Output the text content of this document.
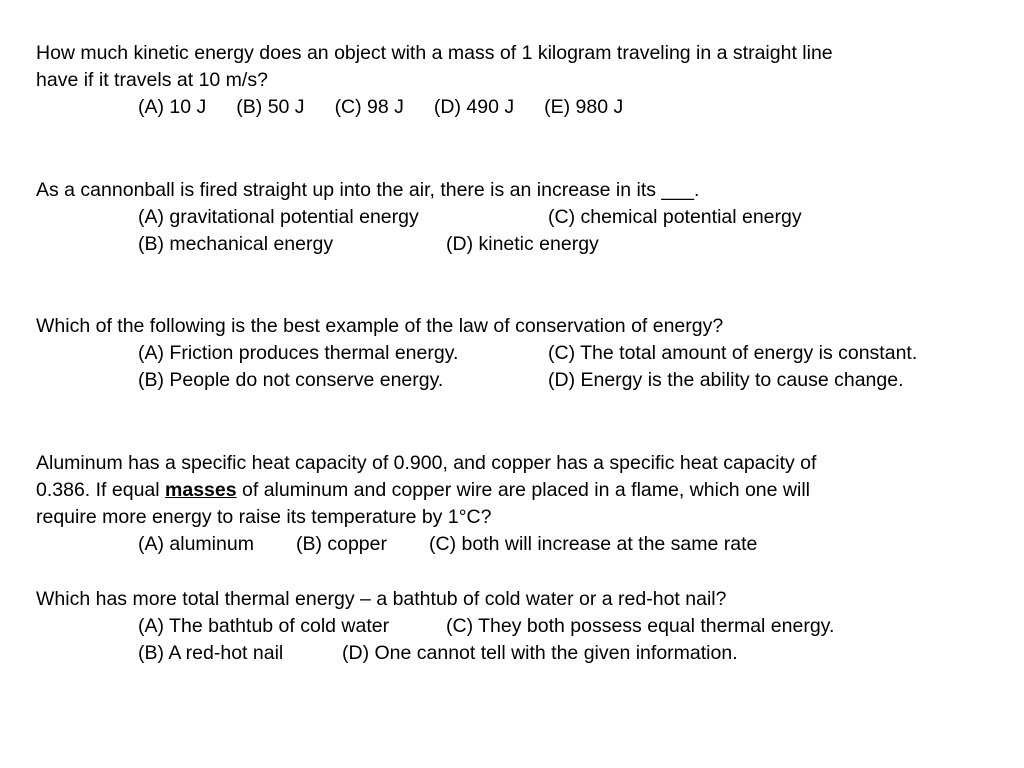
How much kinetic energy does an object with a mass of 1 kilogram traveling in a straight line
have if it travels at 10 m/s?
(A) 10 J (B) 50 J (C) 98 J (D) 490 J (E) 980 J
As a cannonball is fired straight up into the air, there is an increase in its ___.
(A) gravitational potential energy	(C) chemical potential energy
(B) mechanical energy	(D) kinetic energy
Which of the following is the best example of the law of conservation of energy?
(A) Friction produces thermal energy.	(C) The total amount of energy is constant.
(B) People do not conserve energy.	(D) Energy is the ability to cause change.
Aluminum has a specific heat capacity of 0.900, and copper has a specific heat capacity of
0.386. If equal masses of aluminum and copper wire are placed in a flame, which one will
require more energy to raise its temperature by 1°C?
(A) aluminum (B) copper (C) both will increase at the same rate
Which has more total thermal energy – a bathtub of cold water or a red-hot nail?
(A) The bathtub of cold water	(C) They both possess equal thermal energy.
(B) A red-hot nail	(D) One cannot tell with the given information.
